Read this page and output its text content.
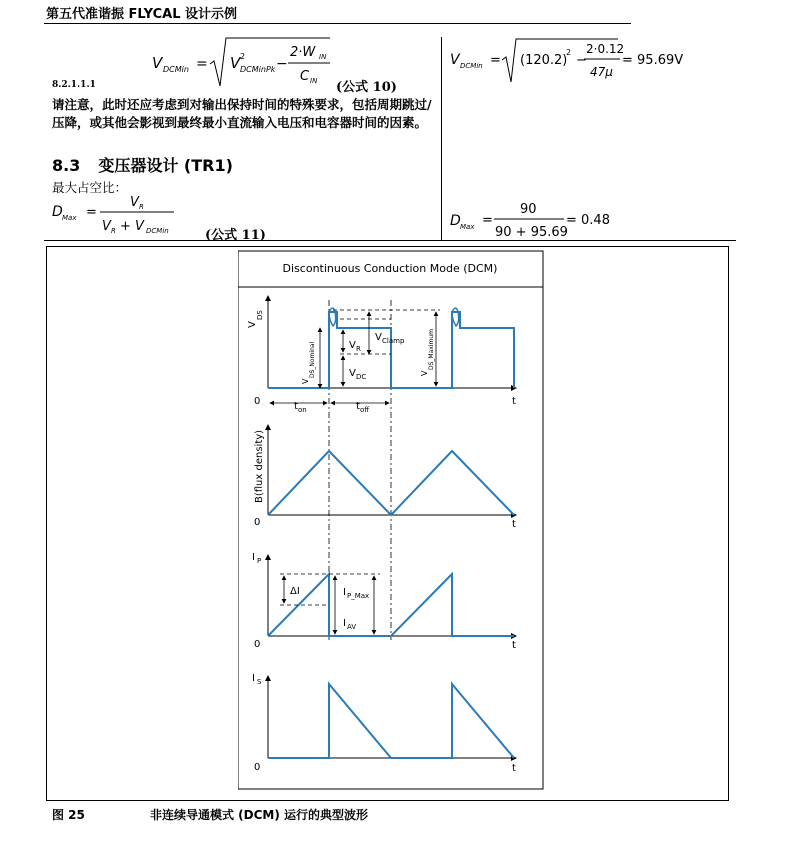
第五代准谐振 FLYCAL 设计示例
V DCMin = V 2
DCMinPk −
2·W IN
C IN
8.2.1.1.1	(公式 10)
V DCMin = (120.2)
2
−
2·0.12
47μ
= 95.69V
请注意，此时还应考虑到对输出保持时间的特殊要求，包括周期跳过/压降，或其他会影视到最终最小直流输入电压和电容器时间的因素。
8.3 变压器设计 (TR1)
最大占空比：
D Max =
V R
V R + V DCMin	(公式 11)
D Max =
90
90 + 95.69
= 0.48
Discontinuous Conduction Mode (DCM)
V
DS
0	t
V R
V Clamp
V DC
V
DS_Nominal	V
DS_Maximum
t on	t off
B(flux density)
0	t
I P
0	t
ΔI	I P_Max
I AV
I S
0	t
图 25	非连续导通模式 (DCM) 运行的典型波形
